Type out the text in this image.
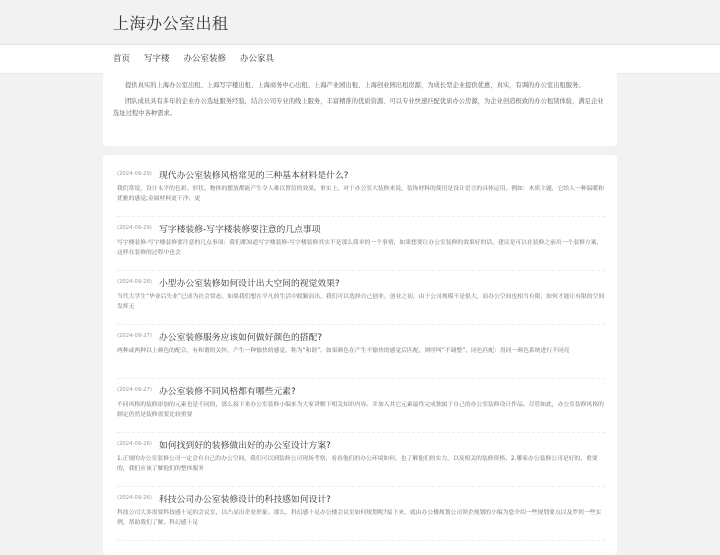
上海办公室出租
首页 写字楼 办公室装修 办公家具

提供真实的上海办公室出租、上海写字楼出租、上海商务中心出租、上海产业园出租、上海创业园出租房源，为成长型企业提供优惠，真实，有调的办公室出租服务。

团队成员具有多年的企业办公选址服务经验，结合公司专业的线上服务，丰富精准的优质资源，可以专业快速匹配优质办公房源，为企业创造极致的办公租赁体验，满足企业选址过程中各种需求。

(2024-09-29) 现代办公室装修风格常见的三种基本材料是什么?
我们常说，设计永平的色彩、形状、物体的摆放都能产生令人难以置信的效果。事实上，对于办公室大装修来说，装饰材料的使用是设计语言的具体运用。例如：木质主题，它给人一种温暖和优雅的感觉;金属材料更干净、更
(2024-09-29) 写字楼装修-写字楼装修要注意的几点事项
写字楼装修-写字楼装修要注意的几点事项：我们都知道写字楼装修-写字楼装修其实不是那么简单的一个事情，如果想要让办公室装修的效果好的话，建议是可以在装修之前出一个装修方案，这样在装修的过程中也会
(2024-09-28) 小型办公室装修如何设计出大空间的视觉效果?
当代大学生“毕业后失业”已成为社会常态，如果我们想在平凡的生活中脱颖而出，我们可以选择自己创业。创业之初，由于公司规模不是很大，而办公空间也相当有限，如何才能让有限的空间发挥无
(2024-09-27) 办公室装修服务应该如何做好颜色的搭配?
两种或两种以上颜色的配合，有和谐的关怀，产生一种愉快的感觉，称为“和谐”。如果颜色在产生不愉快的感觉后匹配，则呼叫“不调整”。同色匹配：用同一颜色系统进行不同亮
(2024-09-27) 办公室装修不同风格都有哪些元素?
不同风格的装修添加的元素也是不同的，那么接下来办公室装修小编来为大家讲解下相关知识内容。并加入其它元素最终完成独属于自己的办公室装修设计作品。尽管如此，办公室装修风格的制定仍然是装修需要比较重要
(2024-09-26) 如何找到好的装修做出好的办公室设计方案?
1.正规的办公室装修公司一定会有自己的办公空间，我们可以到装修公司现场考察，看看他们的办公环境如何，也了解他们的实力，以及相关的装修资格。2.哪家办公装修公司是好的、重要的，我们应该了解他们的整体服务
(2024-09-26) 科技公司办公室装修设计的科技感如何设计?
科技公司大多需要科技感十足的会议室，以凸显出企业形象。那么，科幻感十足办公楼会议室如何规划呢?接下来，就由办公楼规划公司领企规划的小编为您介绍一些规划要点以及罗列一些实例，帮助我们了解。科幻感十足
